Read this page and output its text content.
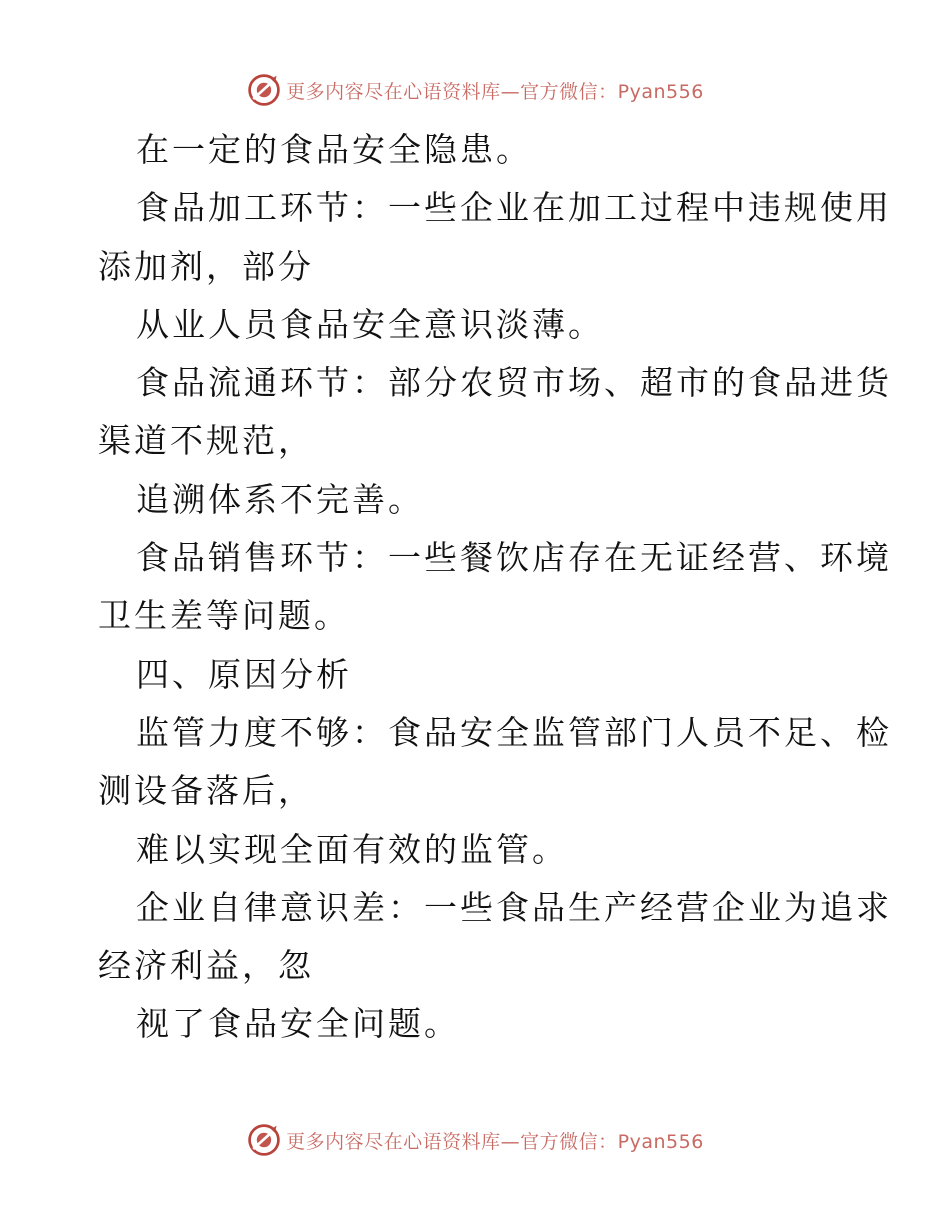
更多内容尽在心语资料库—官方微信：Pyan556
在一定的食品安全隐患。
食品加工环节：一些企业在加工过程中违规使用
添加剂，部分
从业人员食品安全意识淡薄。
食品流通环节：部分农贸市场、超市的食品进货
渠道不规范，
追溯体系不完善。
食品销售环节：一些餐饮店存在无证经营、环境
卫生差等问题。
四、原因分析
监管力度不够：食品安全监管部门人员不足、检
测设备落后，
难以实现全面有效的监管。
企业自律意识差：一些食品生产经营企业为追求
经济利益，忽
视了食品安全问题。
更多内容尽在心语资料库—官方微信：Pyan556
